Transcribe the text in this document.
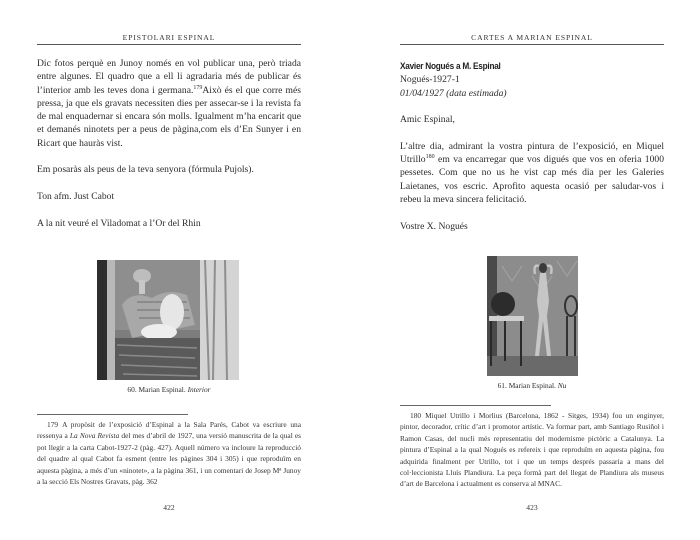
EPISTOLARI ESPINAL

Dic fotos perquè en Junoy només en vol publicar una, però triada entre algunes. El quadro que a ell li agradaria més de publicar és l’interior amb les teves dona i germana.$^{179}$Això és el que corre més pressa, ja que els gravats necessiten dies per assecar-se i la revista fa de mal enquadernar si encara són molls. Igualment m’ha encarit que et demanés ninotets per a peus de pàgina,com els d’En Sunyer i en Ricart que hauràs vist.

Em posaràs als peus de la teva senyora (fórmula Pujols).

Ton afm. Just Cabot

A la nit veuré el Viladomat a l’Or del Rhin

60. Marian Espinal. Interior
179 A propòsit de l’exposició d’Espinal a la Sala Parés, Cabot va escriure una ressenya a La Nova Revista del mes d’abril de 1927, una versió manuscrita de la qual es pot llegir a la carta Cabot-1927-2 (pàg. 427). Aquell número va incloure la reproducció del quadre al qual Cabot fa esment (entre les pàgines 304 i 305) i que reproduïm en aquesta pàgina, a més d’un «ninotet», a la pàgina 361, i un comentari de Josep Mª Junoy a la secció Els Nostres Gravats, pàg. 362
422
CARTES A MARIAN ESPINAL
Xavier Nogués a M. Espinal
Nogués-1927-1
01/04/1927 (data estimada)

Amic Espinal,

L’altre dia, admirant la vostra pintura de l’exposició, en Miquel Utrillo$^{180}$ em va encarregar que vos digués que vos en oferia 1000 pessetes. Com que no us he vist cap més dia per les Galeries Laietanes, vos escric. Aprofito aquesta ocasió per saludar-vos i rebeu la meva sincera felicitació.

Vostre X. Nogués

61. Marian Espinal. Nu
180 Miquel Utrillo i Morlius (Barcelona, 1862 - Sitges, 1934) fou un enginyer, pintor, decorador, crític d’art i promotor artístic. Va formar part, amb Santiago Rusiñol i Ramon Casas, del nucli més representatiu del modernisme pictòric a Catalunya. La pintura d’Espinal a la qual Nogués es refereix i que reproduïm en aquesta pàgina, fou adquirida finalment per Utrillo, tot i que un temps després passaria a mans del col·leccionista Lluís Plandiura. La peça formà part del llegat de Plandiura als museus d’art de Barcelona i actualment es conserva al MNAC.
423
